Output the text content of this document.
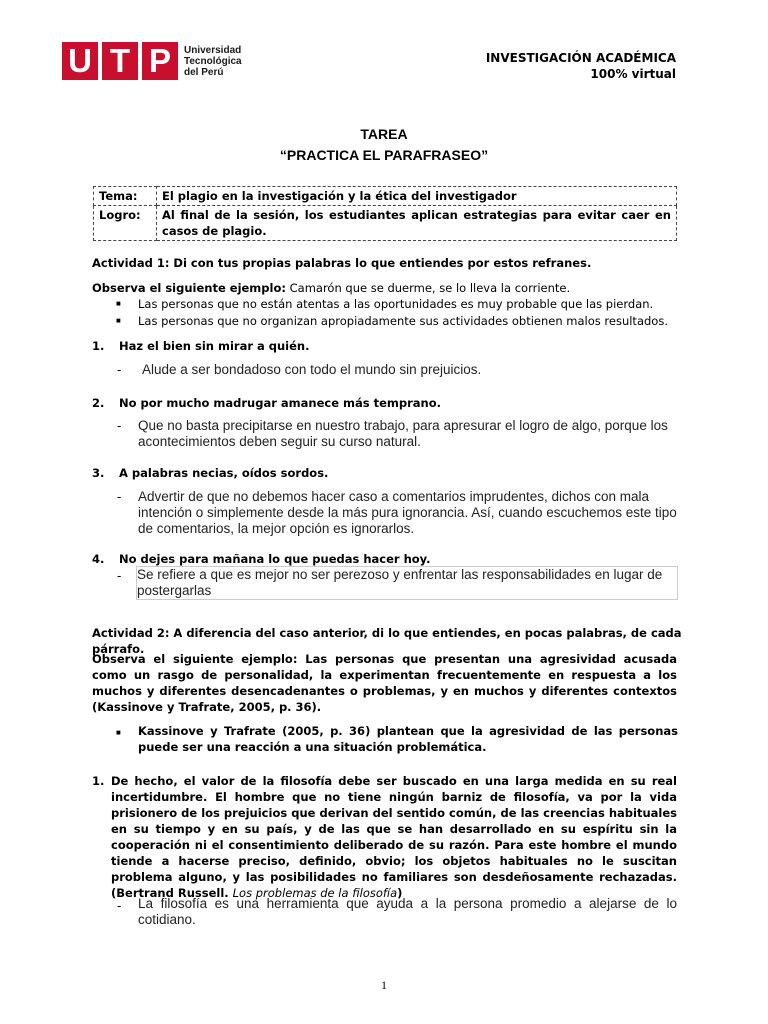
U T P	Universidad
Tecnológica
del Perú
INVESTIGACIÓN ACADÉMICA
100% virtual
TAREA
“PRACTICA EL PARAFRASEO”
Tema:	El plagio en la investigación y la ética del investigador
Logro:	Al final de la sesión, los estudiantes aplican estrategias para evitar caer en casos de plagio.
Actividad 1: Di con tus propias palabras lo que entiendes por estos refranes.
Observa el siguiente ejemplo: Camarón que se duerme, se lo lleva la corriente.
■ Las personas que no están atentas a las oportunidades es muy probable que las pierdan.
■ Las personas que no organizan apropiadamente sus actividades obtienen malos resultados.
1. Haz el bien sin mirar a quién.
- Alude a ser bondadoso con todo el mundo sin prejuicios.
2. No por mucho madrugar amanece más temprano.
- Que no basta precipitarse en nuestro trabajo, para apresurar el logro de algo, porque los acontecimientos deben seguir su curso natural.
3. A palabras necias, oídos sordos.
- Advertir de que no debemos hacer caso a comentarios imprudentes, dichos con mala intención o simplemente desde la más pura ignorancia. Así, cuando escuchemos este tipo de comentarios, la mejor opción es ignorarlos.
4. No dejes para mañana lo que puedas hacer hoy.
- Se refiere a que es mejor no ser perezoso y enfrentar las responsabilidades en lugar de postergarlas
Actividad 2: A diferencia del caso anterior, di lo que entiendes, en pocas palabras, de cada párrafo.
Observa el siguiente ejemplo: Las personas que presentan una agresividad acusada como un rasgo de personalidad, la experimentan frecuentemente en respuesta a los muchos y diferentes desencadenantes o problemas, y en muchos y diferentes contextos (Kassinove y Trafrate, 2005, p. 36).
■ Kassinove y Trafrate (2005, p. 36) plantean que la agresividad de las personas puede ser una reacción a una situación problemática.
1. De hecho, el valor de la filosofía debe ser buscado en una larga medida en su real incertidumbre. El hombre que no tiene ningún barniz de filosofía, va por la vida prisionero de los prejuicios que derivan del sentido común, de las creencias habituales en su tiempo y en su país, y de las que se han desarrollado en su espíritu sin la cooperación ni el consentimiento deliberado de su razón. Para este hombre el mundo tiende a hacerse preciso, definido, obvio; los objetos habituales no le suscitan problema alguno, y las posibilidades no familiares son desdeñosamente rechazadas. (Bertrand Russell. Los problemas de la filosofía)
- La filosofía es una herramienta que ayuda a la persona promedio a alejarse de lo cotidiano.
1
